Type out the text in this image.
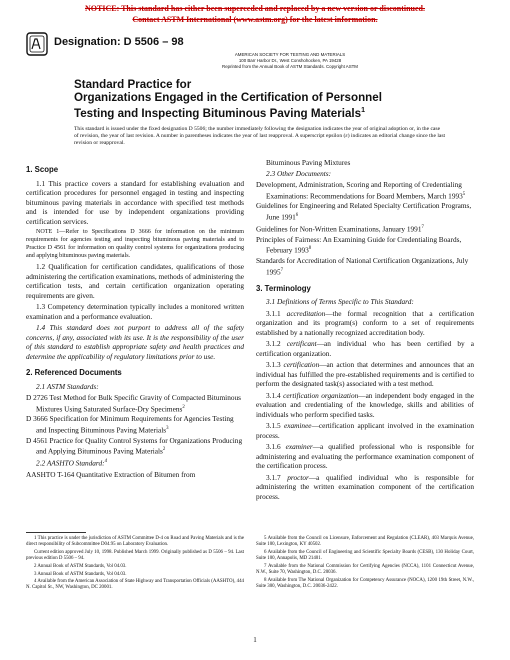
NOTICE: This standard has either been superceded and replaced by a new version or discontinued.
Contact ASTM International (www.astm.org) for the latest information.
Designation: D 5506 – 98
AMERICAN SOCIETY FOR TESTING AND MATERIALS
100 Barr Harbor Dr., West Conshohocken, PA 19428
Reprinted from the Annual Book of ASTM Standards. Copyright ASTM
Standard Practice for
Organizations Engaged in the Certification of Personnel
Testing and Inspecting Bituminous Paving Materials$^1$
This standard is issued under the fixed designation D 5506; the number immediately following the designation indicates the year of original adoption or, in the case of revision, the year of last revision. A number in parentheses indicates the year of last reapproval. A superscript epsilon (ε) indicates an editorial change since the last revision or reapproval.
1. Scope

1.1 This practice covers a standard for establishing evaluation and certification procedures for personnel engaged in testing and inspecting bituminous paving materials in accordance with specified test methods and is intended for use by independent organizations providing certification services.

NOTE 1—Refer to Specifications D 3666 for information on the minimum requirements for agencies testing and inspecting bituminous paving materials and to Practice D 4561 for information on quality control systems for organizations producing and applying bituminous paving materials.

1.2 Qualification for certification candidates, qualifications of those administering the certification examinations, methods of administering the certification tests, and certain certification organization operating requirements are given.

1.3 Competency determination typically includes a monitored written examination and a performance evaluation.

1.4 This standard does not purport to address all of the safety concerns, if any, associated with its use. It is the responsibility of the user of this standard to establish appropriate safety and health practices and determine the applicability of regulatory limitations prior to use.

2. Referenced Documents

2.1 ASTM Standards:

D 2726 Test Method for Bulk Specific Gravity of Compacted Bituminous Mixtures Using Saturated Surface-Dry Specimens$^2$

D 3666 Specification for Minimum Requirements for Agencies Testing and Inspecting Bituminous Paving Materials$^3$

D 4561 Practice for Quality Control Systems for Organizations Producing and Applying Bituminous Paving Materials$^2$

2.2 AASHTO Standard:$^4$

AASHTO T-164 Quantitative Extraction of Bitumen from

Bituminous Paving Mixtures

2.3 Other Documents:

Development, Administration, Scoring and Reporting of Credentialing Examinations: Recommendations for Board Members, March 1993$^5$

Guidelines for Engineering and Related Specialty Certification Programs, June 1991$^6$

Guidelines for Non-Written Examinations, January 1991$^7$

Principles of Fairness: An Examining Guide for Credentialing Boards, February 1993$^8$

Standards for Accreditation of National Certification Organizations, July 1995$^7$

3. Terminology

3.1 Definitions of Terms Specific to This Standard:

3.1.1 accreditation—the formal recognition that a certification organization and its program(s) conform to a set of requirements established by a nationally recognized accreditation body.

3.1.2 certificant—an individual who has been certified by a certification organization.

3.1.3 certification—an action that determines and announces that an individual has fulfilled the pre-established requirements and is certified to perform the designated task(s) associated with a test method.

3.1.4 certification organization—an independent body engaged in the evaluation and credentialing of the knowledge, skills and abilities of individuals who perform specified tasks.

3.1.5 examinee—certification applicant involved in the examination process.

3.1.6 examiner—a qualified professional who is responsible for administering and evaluating the performance examination component of the certification process.

3.1.7 proctor—a qualified individual who is responsible for administering the written examination component of the certification process.

1 This practice is under the jurisdiction of ASTM Committee D-4 on Road and Paving Materials and is the direct responsibility of Subcommittee D04.95 on Laboratory Evaluation.

Current edition approved July 10, 1998. Published March 1999. Originally published as D 5506 – 94. Last previous edition D 5506 – 94.

2 Annual Book of ASTM Standards, Vol 04.03.

3 Annual Book of ASTM Standards, Vol 04.03.

4 Available from the American Association of State Highway and Transportation Officials (AASHTO), 444 N. Capitol St., NW, Washington, DC 20001.

5 Available from the Council on Licensure, Enforcement and Regulation (CLEAR), 403 Marquis Avenue, Suite 100, Lexington, KY 40502.

6 Available from the Council of Engineering and Scientific Specialty Boards (CESB), 130 Holiday Court, Suite 100, Annapolis, MD 21401.

7 Available from the National Commission for Certifying Agencies (NCCA), 1101 Connecticut Avenue, N.W., Suite 70, Washington, D.C. 20036.

8 Available from The National Organization for Competency Assurance (NOCA), 1200 19th Street, N.W., Suite 300, Washington, D.C. 20036-2422.

1
